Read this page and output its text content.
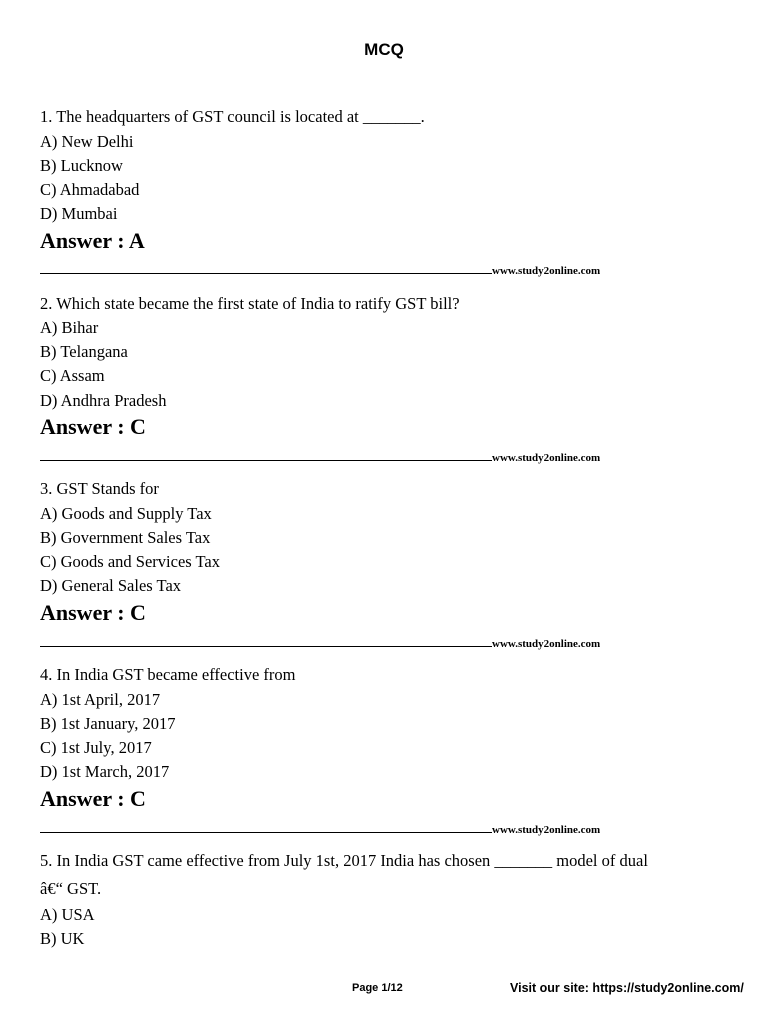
MCQ
1. The headquarters of GST council is located at _______.
A) New Delhi
B) Lucknow
C) Ahmadabad
D) Mumbai
Answer : A
www.study2online.com
2. Which state became the first state of India to ratify GST bill?
A) Bihar
B) Telangana
C) Assam
D) Andhra Pradesh
Answer : C
www.study2online.com
3. GST Stands for
A) Goods and Supply Tax
B) Government Sales Tax
C) Goods and Services Tax
D) General Sales Tax
Answer : C
www.study2online.com
4. In India GST became effective from
A) 1st April, 2017
B) 1st January, 2017
C) 1st July, 2017
D) 1st March, 2017
Answer : C
www.study2online.com
5. In India GST came effective from July 1st, 2017 India has chosen _______ model of dual
â€“ GST.
A) USA
B) UK
Page 1/12	Visit our site: https://study2online.com/
